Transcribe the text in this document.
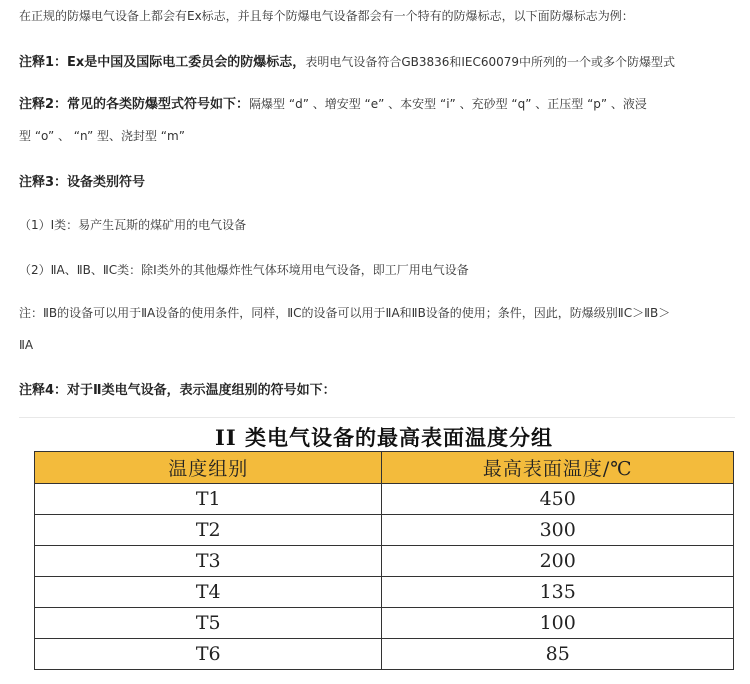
在正规的防爆电气设备上都会有Ex标志，并且每个防爆电气设备都会有一个特有的防爆标志，以下面防爆标志为例：
注释1：Ex是中国及国际电工委员会的防爆标志，表明电气设备符合GB3836和IEC60079中所列的一个或多个防爆型式
注释2：常见的各类防爆型式符号如下：隔爆型 “d” 、增安型 “e” 、本安型 “i” 、充砂型 “q” 、正压型 “p” 、液浸
型 “o” 、 “n” 型、浇封型 “m”
注释3：设备类别符号
（1）Ⅰ类：易产生瓦斯的煤矿用的电气设备
（2）ⅡA、ⅡB、ⅡC类：除Ⅰ类外的其他爆炸性气体环境用电气设备，即工厂用电气设备
注：ⅡB的设备可以用于ⅡA设备的使用条件，同样，ⅡC的设备可以用于ⅡA和ⅡB设备的使用；条件，因此，防爆级别ⅡC＞ⅡB＞
ⅡA
注释4：对于Ⅱ类电气设备，表示温度组别的符号如下：
II 类电气设备的最高表面温度分组
温度组别	最高表面温度/℃
T1	450
T2	300
T3	200
T4	135
T5	100
T6	85
